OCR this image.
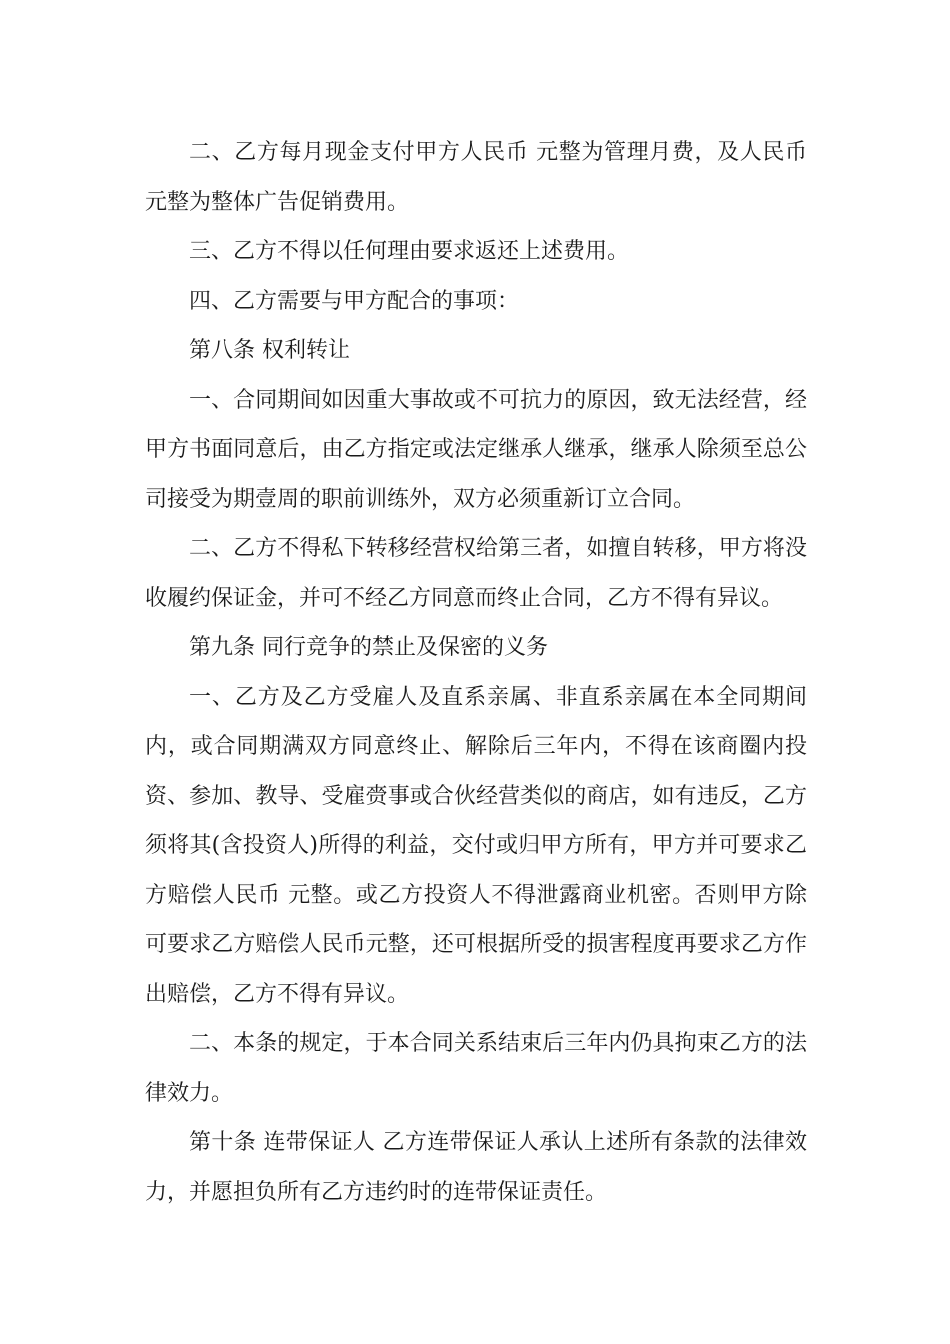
二、乙方每月现金支付甲方人民币 元整为管理月费，及人民币 元整为整体广告促销费用。

三、乙方不得以任何理由要求返还上述费用。

四、乙方需要与甲方配合的事项：

第八条 权利转让

一、合同期间如因重大事故或不可抗力的原因，致无法经营，经甲方书面同意后，由乙方指定或法定继承人继承，继承人除须至总公司接受为期壹周的职前训练外，双方必须重新订立合同。

二、乙方不得私下转移经营权给第三者，如擅自转移，甲方将没收履约保证金，并可不经乙方同意而终止合同，乙方不得有异议。

第九条 同行竞争的禁止及保密的义务

一、乙方及乙方受雇人及直系亲属、非直系亲属在本全同期间内，或合同期满双方同意终止、解除后三年内，不得在该商圈内投资、参加、教导、受雇赍事或合伙经营类似的商店，如有违反，乙方须将其(含投资人)所得的利益，交付或归甲方所有，甲方并可要求乙方赔偿人民币 元整。或乙方投资人不得泄露商业机密。否则甲方除可要求乙方赔偿人民币元整，还可根据所受的损害程度再要求乙方作出赔偿，乙方不得有异议。

二、本条的规定，于本合同关系结束后三年内仍具拘束乙方的法律效力。

第十条 连带保证人 乙方连带保证人承认上述所有条款的法律效力，并愿担负所有乙方违约时的连带保证责任。
